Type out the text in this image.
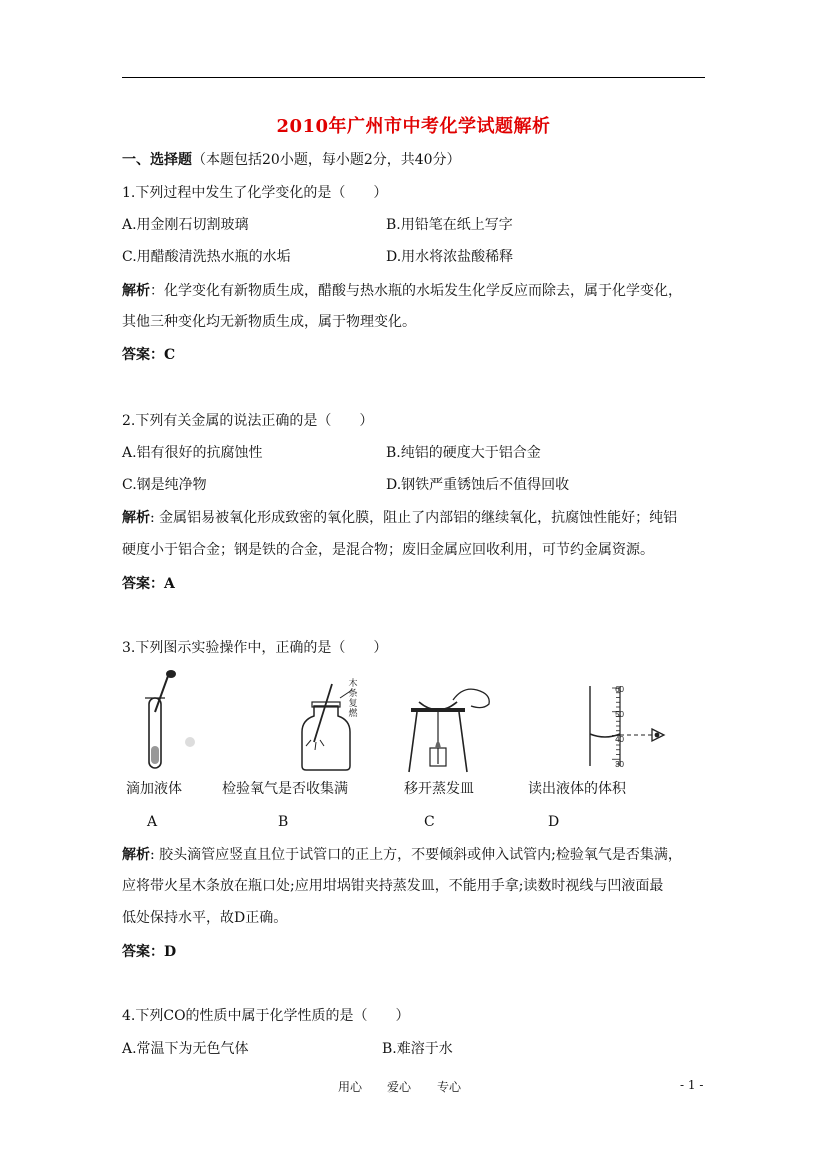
2010年广州市中考化学试题解析
一、选择题（本题包括20小题，每小题2分，共40分）
1.下列过程中发生了化学变化的是（　　）
A.用金刚石切割玻璃	B.用铅笔在纸上写字
C.用醋酸清洗热水瓶的水垢	D.用水将浓盐酸稀释
解析：化学变化有新物质生成，醋酸与热水瓶的水垢发生化学反应而除去，属于化学变化，
其他三种变化均无新物质生成，属于物理变化。
答案：C
2.下列有关金属的说法正确的是（　　）
A.铝有很好的抗腐蚀性	B.纯铝的硬度大于铝合金
C.钢是纯净物	D.钢铁严重锈蚀后不值得回收
解析: 金属铝易被氧化形成致密的氧化膜，阻止了内部铝的继续氧化，抗腐蚀性能好；纯铝
硬度小于铝合金；钢是铁的合金，是混合物；废旧金属应回收利用，可节约金属资源。
答案：A
3.下列图示实验操作中，正确的是（　　）
木条复燃
60
50
40
30
滴加液体	检验氧气是否收集满	移开蒸发皿	读出液体的体积
A	B	C	D
解析: 胶头滴管应竖直且位于试管口的正上方，不要倾斜或伸入试管内;检验氧气是否集满，
应将带火星木条放在瓶口处;应用坩埚钳夹持蒸发皿，不能用手拿;读数时视线与凹液面最
低处保持水平，故D正确。
答案：D
4.下列CO的性质中属于化学性质的是（　　）
A.常温下为无色气体	B.难溶于水
用心 爱心 专心	- 1 -
